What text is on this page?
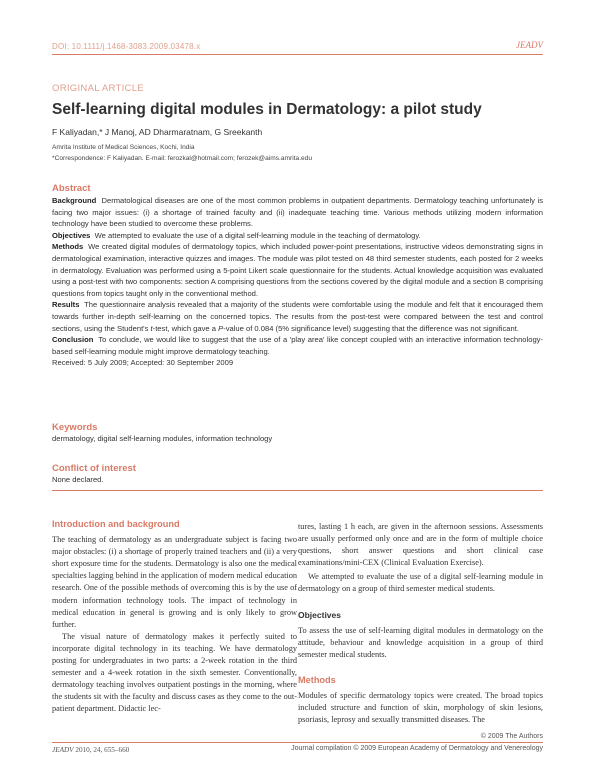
DOI: 10.1111/j.1468-3083.2009.03478.x	JEADV
ORIGINAL ARTICLE
Self-learning digital modules in Dermatology: a pilot study
F Kaliyadan,* J Manoj, AD Dharmaratnam, G Sreekanth
Amrita Institute of Medical Sciences, Kochi, India
*Correspondence: F Kaliyadan. E-mail: ferozkal@hotmail.com; ferozek@aims.amrita.edu
Abstract

Background Dermatological diseases are one of the most common problems in outpatient departments. Dermatology teaching unfortunately is facing two major issues: (i) a shortage of trained faculty and (ii) inadequate teaching time. Various methods utilizing modern information technology have been studied to overcome these problems.

Objectives We attempted to evaluate the use of a digital self-learning module in the teaching of dermatology.

Methods We created digital modules of dermatology topics, which included power-point presentations, instructive videos demonstrating signs in dermatological examination, interactive quizzes and images. The module was pilot tested on 48 third semester students, each posted for 2 weeks in dermatology. Evaluation was performed using a 5-point Likert scale questionnaire for the students. Actual knowledge acquisition was evaluated using a post-test with two components: section A comprising questions from the sections covered by the digital module and a section B comprising questions from topics taught only in the conventional method.

Results The questionnaire analysis revealed that a majority of the students were comfortable using the module and felt that it encouraged them towards further in-depth self-learning on the concerned topics. The results from the post-test were compared between the test and control sections, using the Student's t-test, which gave a P-value of 0.084 (5% significance level) suggesting that the difference was not significant.

Conclusion To conclude, we would like to suggest that the use of a 'play area' like concept coupled with an interactive information technology-based self-learning module might improve dermatology teaching.

Received: 5 July 2009; Accepted: 30 September 2009

Keywords
dermatology, digital self-learning modules, information technology
Conflict of interest
None declared.
Introduction and background

The teaching of dermatology as an undergraduate subject is facing two major obstacles: (i) a shortage of properly trained teachers and (ii) a very short exposure time for the students. Dermatology is also one the medical specialties lagging behind in the application of modern medical education research. One of the possible methods of overcoming this is by the use of modern information technology tools. The impact of technology in medical education in general is growing and is only likely to grow further.

The visual nature of dermatology makes it perfectly suited to incorporate digital technology in its teaching. We have dermatology posting for undergraduates in two parts: a 2-week rotation in the third semester and a 4-week rotation in the sixth semester. Conventionally, dermatology teaching involves outpatient postings in the morning, where the students sit with the faculty and discuss cases as they come to the out-patient department. Didactic lec-

tures, lasting 1 h each, are given in the afternoon sessions. Assessments are usually performed only once and are in the form of multiple choice questions, short answer questions and short clinical case examinations/mini-CEX (Clinical Evaluation Exercise).

We attempted to evaluate the use of a digital self-learning module in dermatology on a group of third semester medical students.

Objectives

To assess the use of self-learning digital modules in dermatology on the attitude, behaviour and knowledge acquisition in a group of third semester medical students.

Methods

Modules of specific dermatology topics were created. The broad topics included structure and function of skin, morphology of skin lesions, psoriasis, leprosy and sexually transmitted diseases. The

JEADV 2010, 24, 655–660
© 2009 The Authors
Journal compilation © 2009 European Academy of Dermatology and Venereology
